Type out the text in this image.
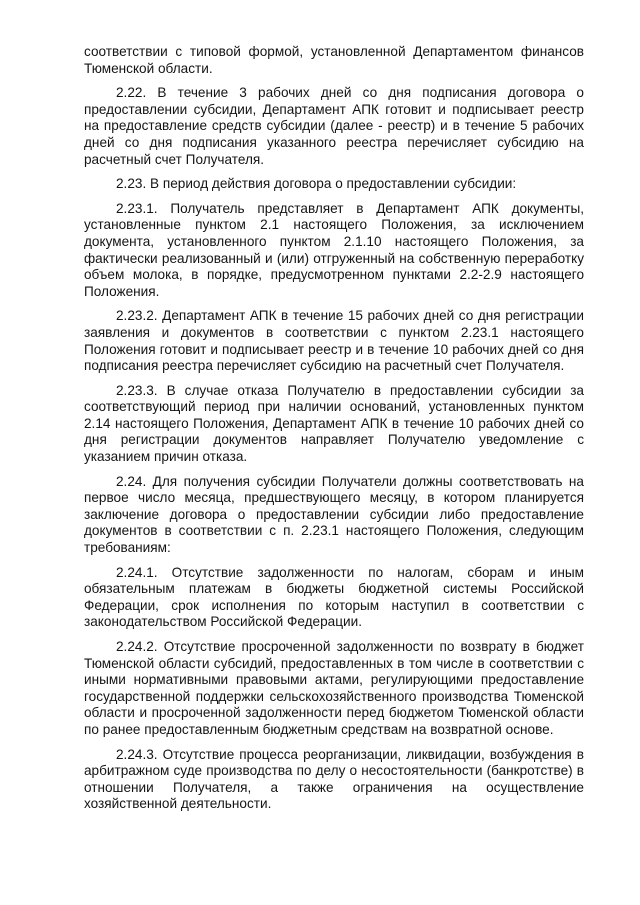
соответствии с типовой формой, установленной Департаментом финансов Тюменской области.

2.22. В течение 3 рабочих дней со дня подписания договора о предоставлении субсидии, Департамент АПК готовит и подписывает реестр на предоставление средств субсидии (далее - реестр) и в течение 5 рабочих дней со дня подписания указанного реестра перечисляет субсидию на расчетный счет Получателя.

2.23. В период действия договора о предоставлении субсидии:

2.23.1. Получатель представляет в Департамент АПК документы, установленные пунктом 2.1 настоящего Положения, за исключением документа, установленного пунктом 2.1.10 настоящего Положения, за фактически реализованный и (или) отгруженный на собственную переработку объем молока, в порядке, предусмотренном пунктами 2.2-2.9 настоящего Положения.

2.23.2. Департамент АПК в течение 15 рабочих дней со дня регистрации заявления и документов в соответствии с пунктом 2.23.1 настоящего Положения готовит и подписывает реестр и в течение 10 рабочих дней со дня подписания реестра перечисляет субсидию на расчетный счет Получателя.

2.23.3. В случае отказа Получателю в предоставлении субсидии за соответствующий период при наличии оснований, установленных пунктом 2.14 настоящего Положения, Департамент АПК в течение 10 рабочих дней со дня регистрации документов направляет Получателю уведомление с указанием причин отказа.

2.24. Для получения субсидии Получатели должны соответствовать на первое число месяца, предшествующего месяцу, в котором планируется заключение договора о предоставлении субсидии либо предоставление документов в соответствии с п. 2.23.1 настоящего Положения, следующим требованиям:

2.24.1. Отсутствие задолженности по налогам, сборам и иным обязательным платежам в бюджеты бюджетной системы Российской Федерации, срок исполнения по которым наступил в соответствии с законодательством Российской Федерации.

2.24.2. Отсутствие просроченной задолженности по возврату в бюджет Тюменской области субсидий, предоставленных в том числе в соответствии с иными нормативными правовыми актами, регулирующими предоставление государственной поддержки сельскохозяйственного производства Тюменской области и просроченной задолженности перед бюджетом Тюменской области по ранее предоставленным бюджетным средствам на возвратной основе.

2.24.3. Отсутствие процесса реорганизации, ликвидации, возбуждения в арбитражном суде производства по делу о несостоятельности (банкротстве) в отношении Получателя, а также ограничения на осуществление хозяйственной деятельности.
